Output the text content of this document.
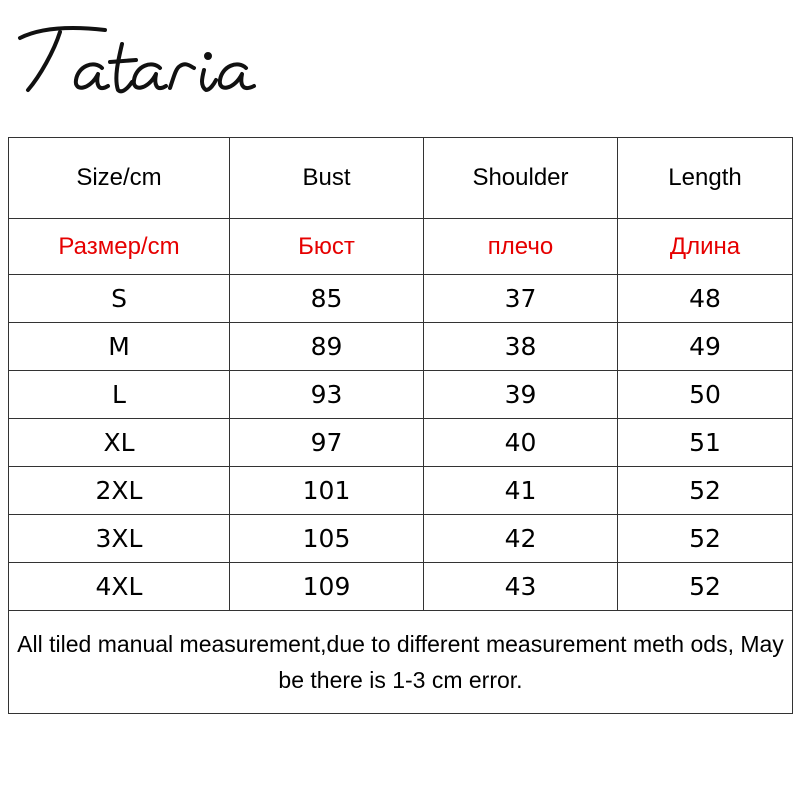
Size/cm	Bust	Shoulder	Length
Размер/cm	Бюст	плечо	Длина
S	85	37	48
M	89	38	49
L	93	39	50
XL	97	40	51
2XL	101	41	52
3XL	105	42	52
4XL	109	43	52
All tiled manual measurement,due to different measurement meth ods, May be there is 1-3 cm error.			
